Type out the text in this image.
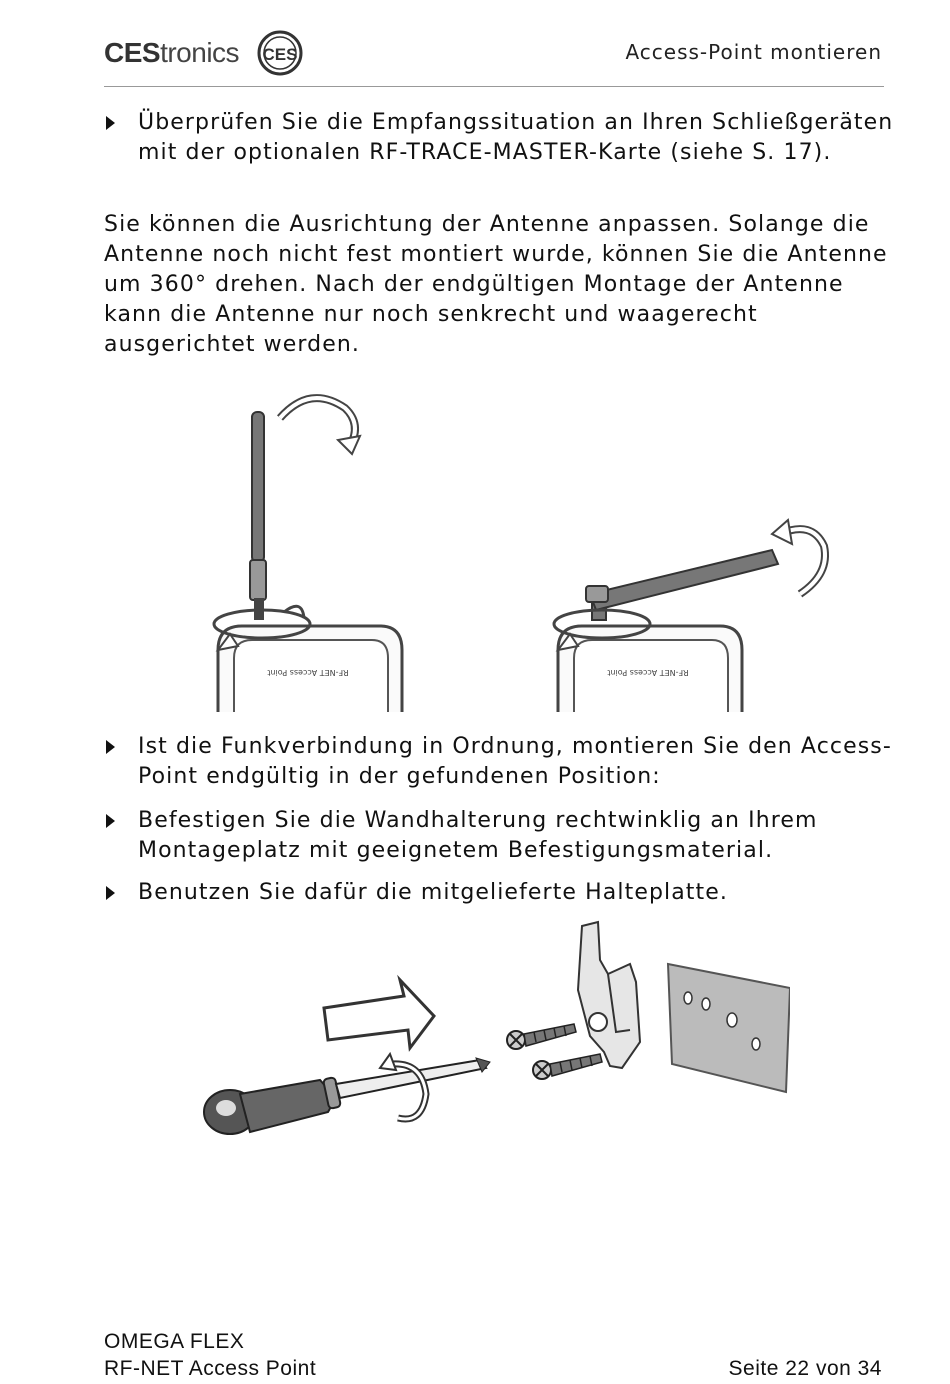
CEStronics CES	Access-Point montieren
Überprüfen Sie die Empfangssituation an Ihren Schließgeräten mit der optionalen RF-TRACE-MASTER-Karte (siehe S. 17).
Sie können die Ausrichtung der Antenne anpassen. Solange die Antenne noch nicht fest montiert wurde, können Sie die Antenne um 360° drehen. Nach der endgültigen Montage der Antenne kann die Antenne nur noch senkrecht und waagerecht ausgerichtet werden.
RF-NET Access Point	RF-NET Access Point
Ist die Funkverbindung in Ordnung, montieren Sie den Access-Point endgültig in der gefundenen Position:
Befestigen Sie die Wandhalterung rechtwinklig an Ihrem Montageplatz mit geeignetem Befestigungsmaterial.
Benutzen Sie dafür die mitgelieferte Halteplatte.
OMEGA FLEX
RF-NET Access Point	Seite 22 von 34
